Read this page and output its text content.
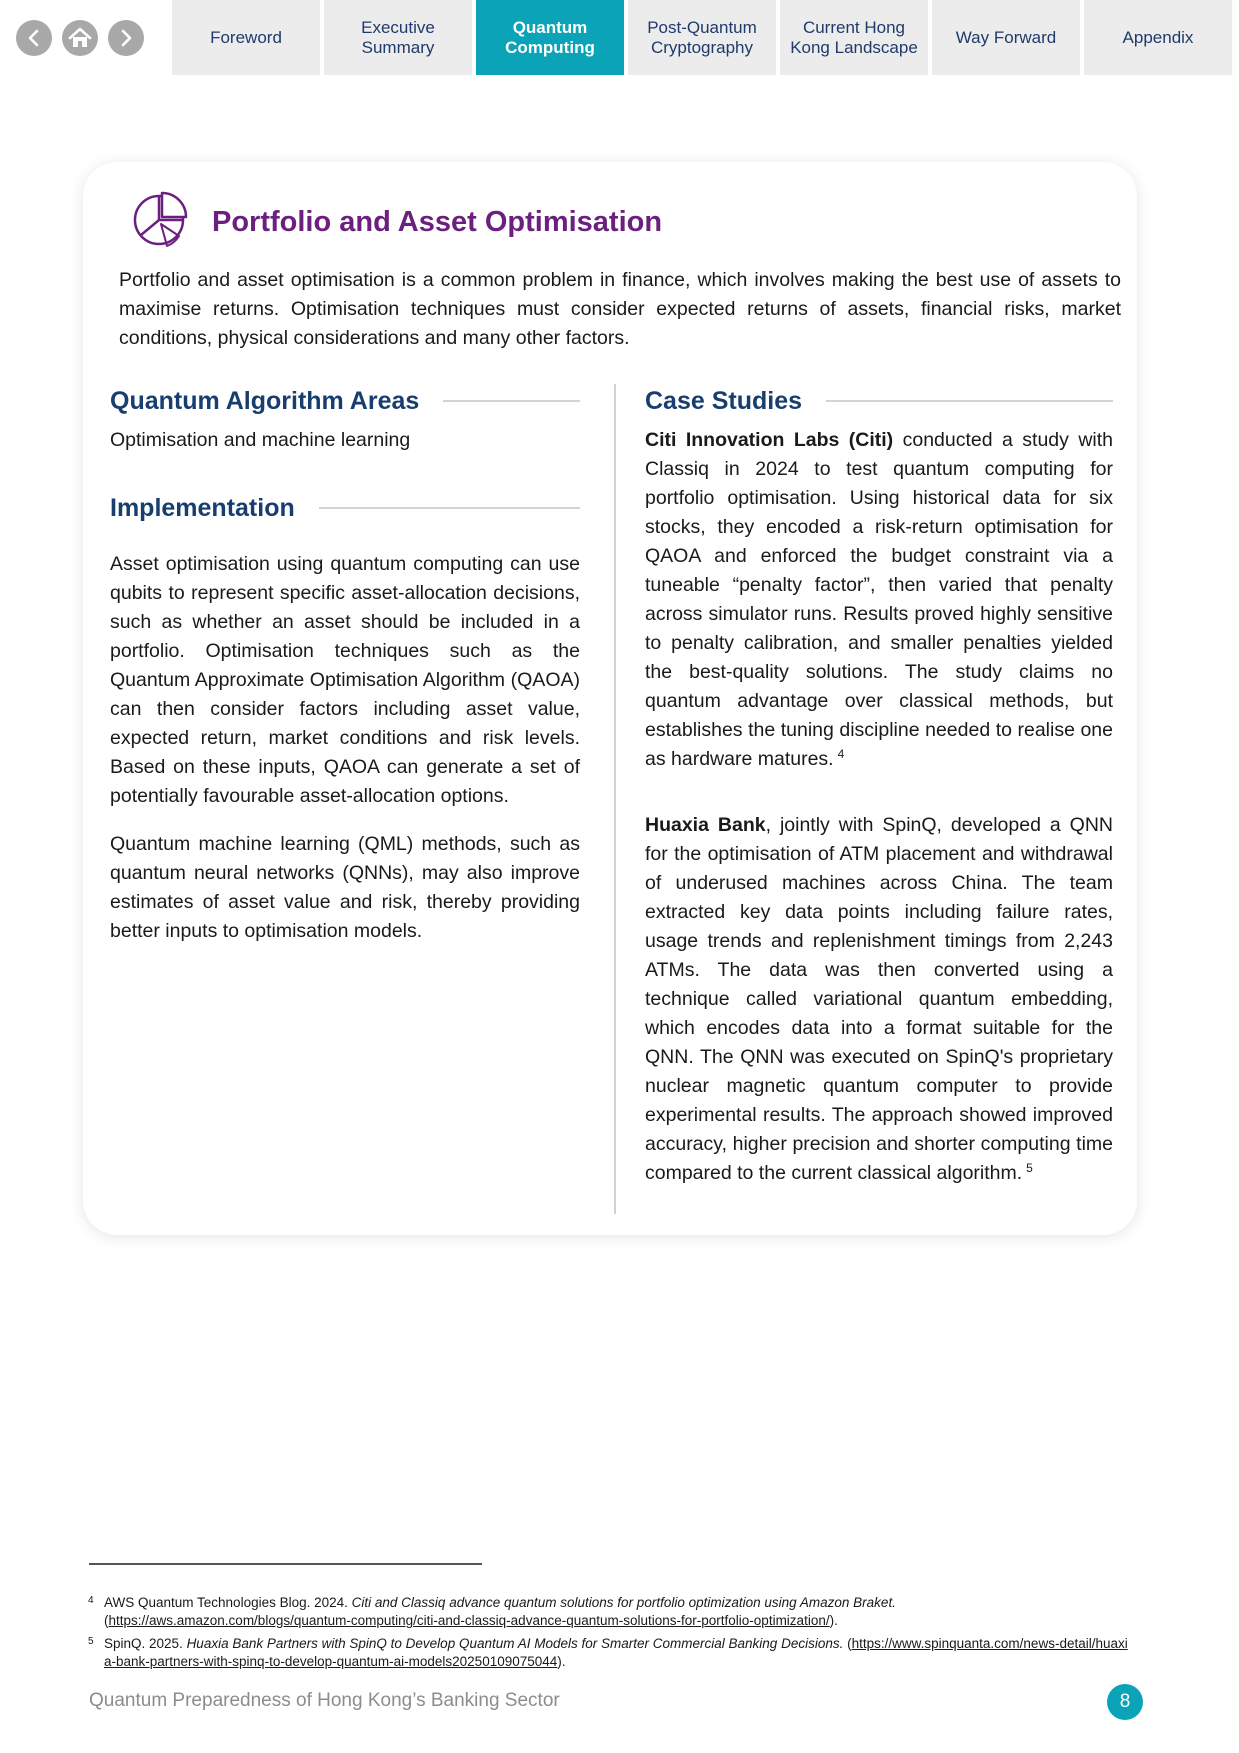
Foreword
Executive
Summary
Quantum
Computing
Post-Quantum
Cryptography
Current Hong
Kong Landscape
Way Forward	Appendix
Portfolio and Asset Optimisation

Portfolio and asset optimisation is a common problem in finance, which involves making the best use of assets to maximise returns. Optimisation techniques must consider expected returns of assets, financial risks, market conditions, physical considerations and many other factors.

Quantum Algorithm Areas

Optimisation and machine learning

Implementation

Asset optimisation using quantum computing can use qubits to represent specific asset-allocation decisions, such as whether an asset should be included in a portfolio. Optimisation techniques such as the Quantum Approximate Optimisation Algorithm (QAOA) can then consider factors including asset value, expected return, market conditions and risk levels. Based on these inputs, QAOA can generate a set of potentially favourable asset-allocation options.

Quantum machine learning (QML) methods, such as quantum neural networks (QNNs), may also improve estimates of asset value and risk, thereby providing better inputs to optimisation models.

Case Studies

Citi Innovation Labs (Citi) conducted a study with Classiq in 2024 to test quantum computing for portfolio optimisation. Using historical data for six stocks, they encoded a risk-return optimisation for QAOA and enforced the budget constraint via a tuneable “penalty factor”, then varied that penalty across simulator runs. Results proved highly sensitive to penalty calibration, and smaller penalties yielded the best-quality solutions. The study claims no quantum advantage over classical methods, but establishes the tuning discipline needed to realise one as hardware matures. $^4$

Huaxia Bank, jointly with SpinQ, developed a QNN for the optimisation of ATM placement and withdrawal of underused machines across China. The team extracted key data points including failure rates, usage trends and replenishment timings from 2,243 ATMs. The data was then converted using a technique called variational quantum embedding, which encodes data into a format suitable for the QNN. The QNN was executed on SpinQ's proprietary nuclear magnetic quantum computer to provide experimental results. The approach showed improved accuracy, higher precision and shorter computing time compared to the current classical algorithm. $^5$

4 AWS Quantum Technologies Blog. 2024. Citi and Classiq advance quantum solutions for portfolio optimization using Amazon Braket.
(https://aws.amazon.com/blogs/quantum-computing/citi-and-classiq-advance-quantum-solutions-for-portfolio-optimization/).
5 SpinQ. 2025. Huaxia Bank Partners with SpinQ to Develop Quantum AI Models for Smarter Commercial Banking Decisions. (https://www.spinquanta.com/news-detail/huaxia-bank-partners-with-spinq-to-develop-quantum-ai-models20250109075044).
Quantum Preparedness of Hong Kong’s Banking Sector	8
